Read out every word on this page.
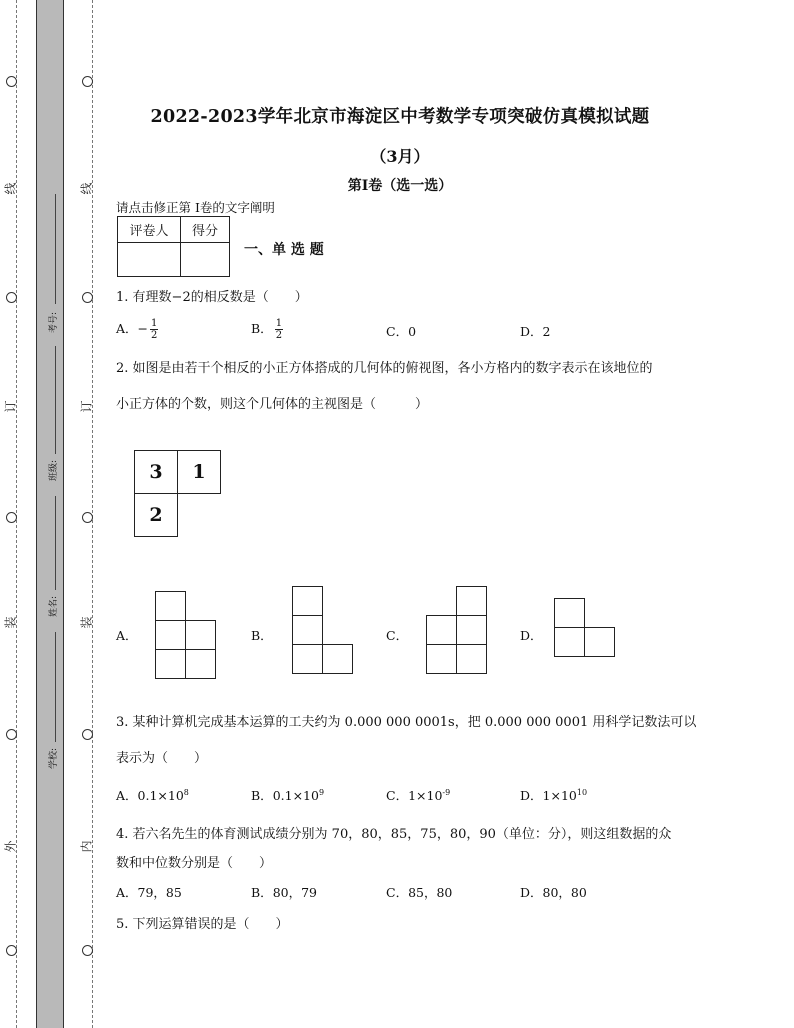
线
订
装
外
线
订
装
内
考号:
班级:
姓名:
学校:
2022-2023学年北京市海淀区中考数学专项突破仿真模拟试题
（3月）
第I卷（选一选）
请点击修正第 I卷的文字阐明
评卷人	得分

一、单 选 题
1. 有理数−2的相反数是（　　）
A．− $\frac{1}{2}$	B． $\frac{1}{2}$	C．0	D．2
2. 如图是由若干个相反的小正方体搭成的几何体的俯视图，各小方格内的数字表示在该地位的
小正方体的个数，则这个几何体的主视图是（　　　）
3	1
2
A．	B．	C．	D．
3. 某种计算机完成基本运算的工夫约为 0.000 000 0001s，把 0.000 000 0001 用科学记数法可以
表示为（　　）
A．$0.1\times 10^8$	B．$0.1\times 10^9$	C．$1\times 10^{-9}$	D．$1\times 10^{10}$
4. 若六名先生的体育测试成绩分别为 70，80，85，75，80，90（单位：分），则这组数据的众
数和中位数分别是（　　）
A．79，85	B．80，79	C．85，80	D．80，80
5. 下列运算错误的是（　　）
